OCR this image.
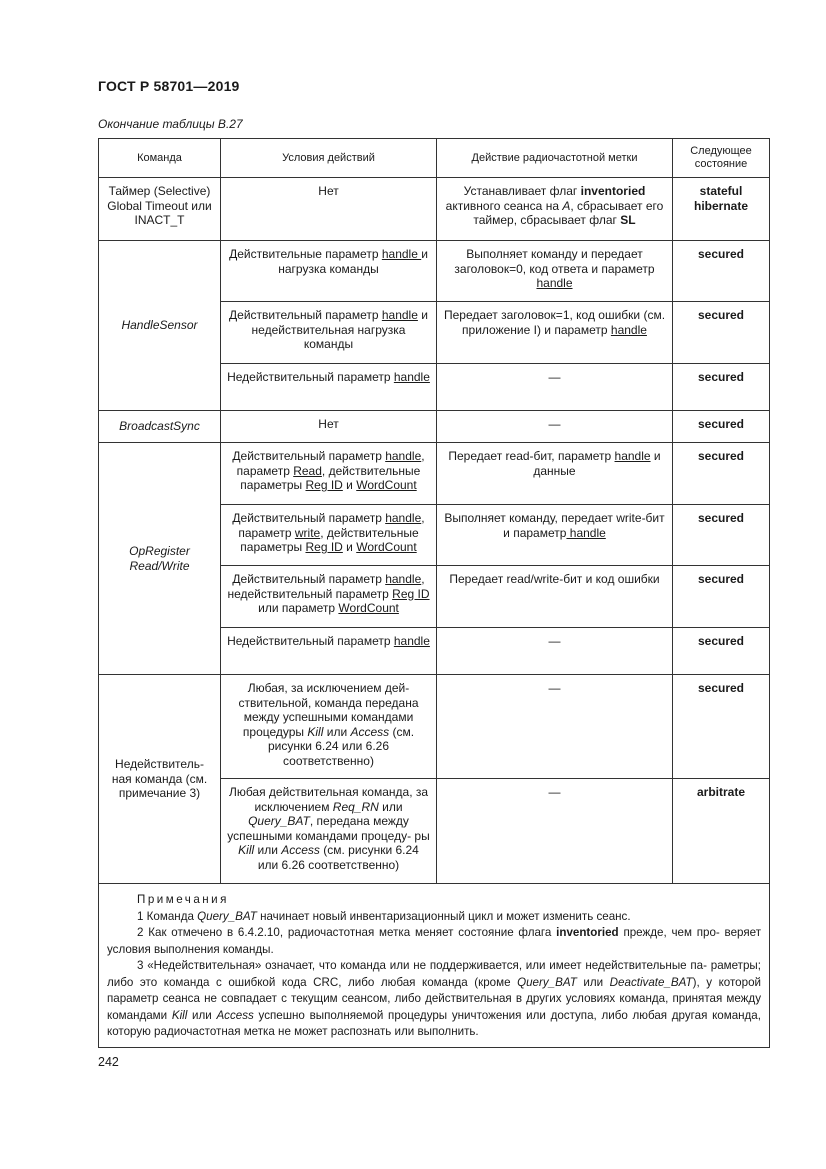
ГОСТ Р 58701—2019
Окончание таблицы В.27
Команда	Условия действий	Действие радиочастотной метки	Следующее состояние
Таймер (Selective) Global Timeout или INACT_T	Нет	Устанавливает флаг inventoried активного сеанса на A, сбрасывает его таймер, сбрасывает флаг SL	stateful hibernate
HandleSensor	Действительные параметр handle и нагрузка команды	Выполняет команду и передает заголовок=0, код ответа и параметр handle	secured
	Действительный параметр handle и недействительная нагрузка команды	Передает заголовок=1, код ошибки (см. приложение I) и параметр handle	secured
	Недействительный параметр handle	—	secured
BroadcastSync	Нет	—	secured
OpRegister Read/Write	Действительный параметр handle, параметр Read, действительные параметры Reg ID и WordCount	Передает read-бит, параметр handle и данные	secured
	Действительный параметр handle, параметр write, действительные параметры Reg ID и WordCount	Выполняет команду, передает write-бит и параметр handle	secured
	Действительный параметр handle, недействительный параметр Reg ID или параметр WordCount	Передает read/write-бит и код ошибки	secured
	Недействительный параметр handle	—	secured
Недействитель- ная команда (см. примечание 3)	Любая, за исключением дей- ствительной, команда передана между успешными командами процедуры Kill или Access (см. рисунки 6.24 или 6.26 соответственно)	—	secured
	Любая действительная команда, за исключением Req_RN или Query_BAT, передана между успешными командами процеду- ры Kill или Access (см. рисунки 6.24 или 6.26 соответственно)	—	arbitrate

Примечания

1 Команда Query_BAT начинает новый инвентаризационный цикл и может изменить сеанс.

2 Как отмечено в 6.4.2.10, радиочастотная метка меняет состояние флага inventoried прежде, чем про- веряет условия выполнения команды.

3 «Недействительная» означает, что команда или не поддерживается, или имеет недействительные па- раметры; либо это команда с ошибкой кода CRC, либо любая команда (кроме Query_BAT или Deactivate_BAT), у которой параметр сеанса не совпадает с текущим сеансом, либо действительная в других условиях команда, принятая между командами Kill или Access успешно выполняемой процедуры уничтожения или доступа, либо любая другая команда, которую радиочастотная метка не может распознать или выполнить.			

242
